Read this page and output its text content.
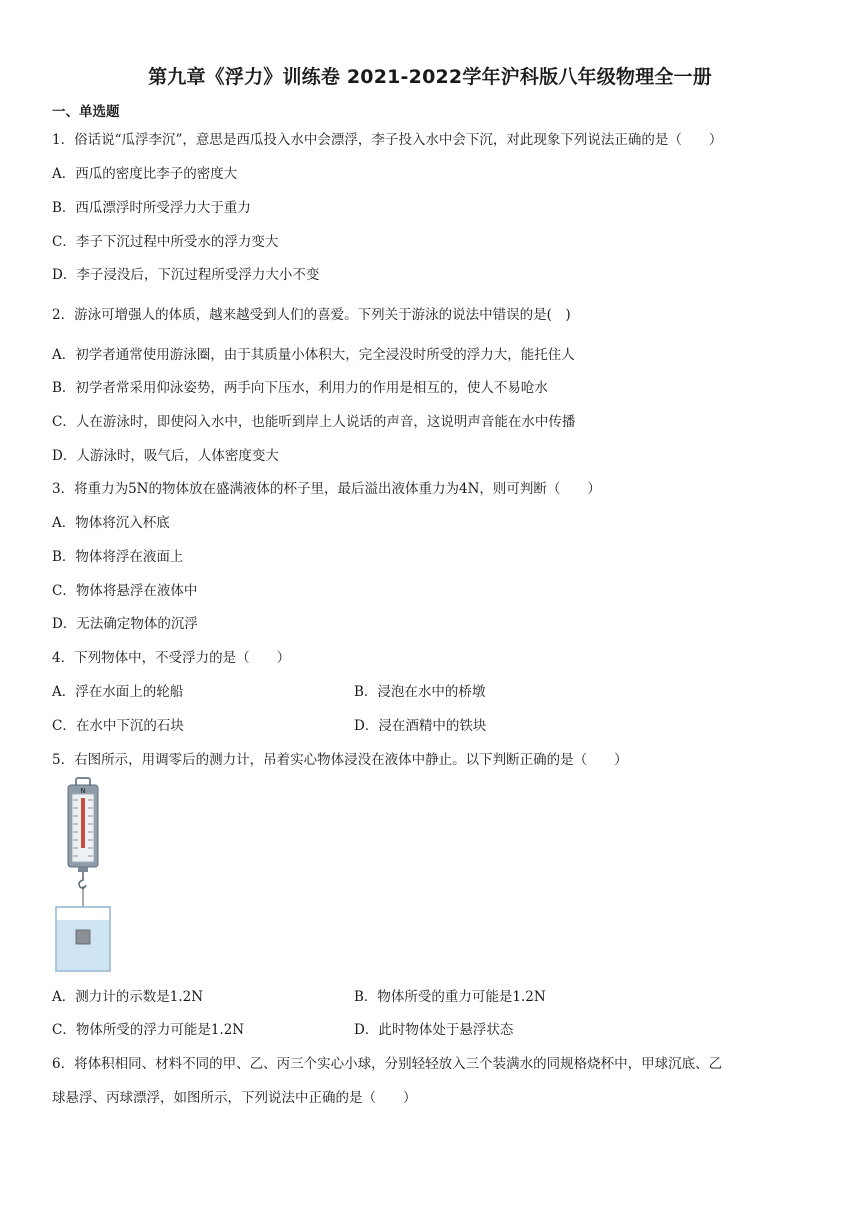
第九章《浮力》训练卷 2021-2022学年沪科版八年级物理全一册
一、单选题
1．俗话说“瓜浮李沉”，意思是西瓜投入水中会漂浮，李子投入水中会下沉，对此现象下列说法正确的是（　　）
A．西瓜的密度比李子的密度大
B．西瓜漂浮时所受浮力大于重力
C．李子下沉过程中所受水的浮力变大
D．李子浸没后，下沉过程所受浮力大小不变
2．游泳可增强人的体质，越来越受到人们的喜爱。下列关于游泳的说法中错误的是(　)
A．初学者通常使用游泳圈，由于其质量小体积大，完全浸没时所受的浮力大，能托住人
B．初学者常采用仰泳姿势，两手向下压水，利用力的作用是相互的，使人不易呛水
C．人在游泳时，即使闷入水中，也能听到岸上人说话的声音，这说明声音能在水中传播
D．人游泳时，吸气后，人体密度变大
3．将重力为5N的物体放在盛满液体的杯子里，最后溢出液体重力为4N，则可判断（　　）
A．物体将沉入杯底
B．物体将浮在液面上
C．物体将悬浮在液体中
D．无法确定物体的沉浮
4．下列物体中，不受浮力的是（　　）
A．浮在水面上的轮船	B．浸泡在水中的桥墩
C．在水中下沉的石块	D．浸在酒精中的铁块
5．右图所示，用调零后的测力计，吊着实心物体浸没在液体中静止。以下判断正确的是（　　）
N
A．测力计的示数是1.2N	B．物体所受的重力可能是1.2N
C．物体所受的浮力可能是1.2N	D．此时物体处于悬浮状态
6．将体积相同、材料不同的甲、乙、丙三个实心小球，分别轻轻放入三个装满水的同规格烧杯中，甲球沉底、乙
球悬浮、丙球漂浮，如图所示，下列说法中正确的是（　　）
